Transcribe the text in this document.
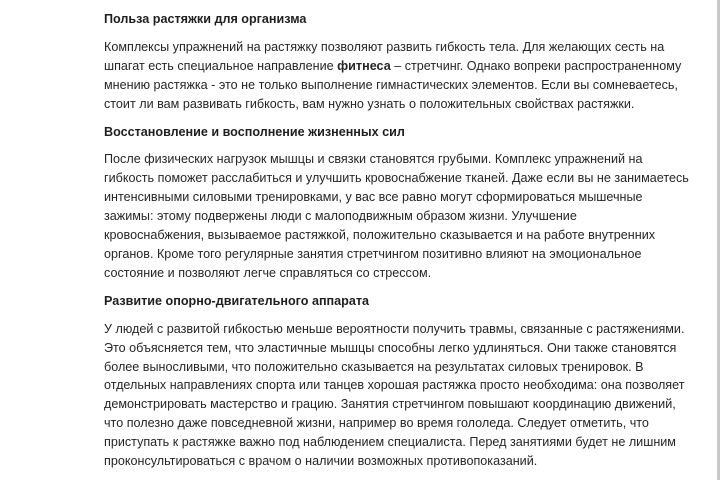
Польза растяжки для организма
Комплексы упражнений на растяжку позволяют развить гибкость тела. Для желающих сесть на
шпагат есть специальное направление фитнеса – стретчинг. Однако вопреки распространенному
мнению растяжка - это не только выполнение гимнастических элементов. Если вы сомневаетесь,
стоит ли вам развивать гибкость, вам нужно узнать о положительных свойствах растяжки.
Восстановление и восполнение жизненных сил
После физических нагрузок мышцы и связки становятся грубыми. Комплекс упражнений на
гибкость поможет расслабиться и улучшить кровоснабжение тканей. Даже если вы не занимаетесь
интенсивными силовыми тренировками, у вас все равно могут сформироваться мышечные
зажимы: этому подвержены люди с малоподвижным образом жизни. Улучшение
кровоснабжения, вызываемое растяжкой, положительно сказывается и на работе внутренних
органов. Кроме того регулярные занятия стретчингом позитивно влияют на эмоциональное
состояние и позволяют легче справляться со стрессом.
Развитие опорно-двигательного аппарата
У людей с развитой гибкостью меньше вероятности получить травмы, связанные с растяжениями.
Это объясняется тем, что эластичные мышцы способны легко удлиняться. Они также становятся
более выносливыми, что положительно сказывается на результатах силовых тренировок. В
отдельных направлениях спорта или танцев хорошая растяжка просто необходима: она позволяет
демонстрировать мастерство и грацию. Занятия стретчингом повышают координацию движений,
что полезно даже повседневной жизни, например во время гололеда. Следует отметить, что
приступать к растяжке важно под наблюдением специалиста. Перед занятиями будет не лишним
проконсультироваться с врачом о наличии возможных противопоказаний.
